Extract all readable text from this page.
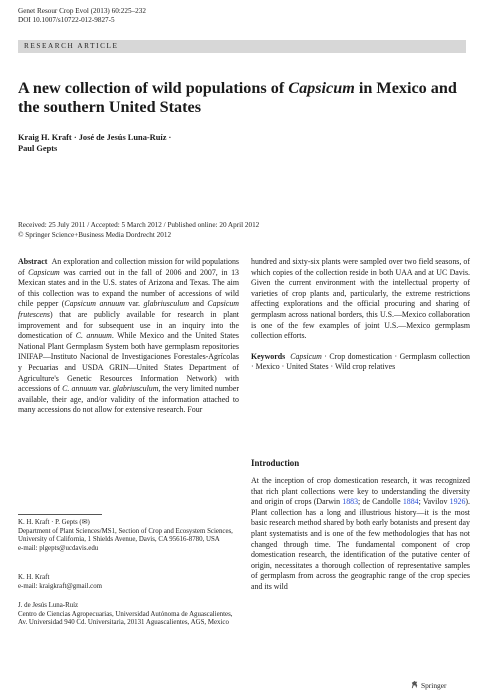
Genet Resour Crop Evol (2013) 60:225–232
DOI 10.1007/s10722-012-9827-5
RESEARCH ARTICLE
A new collection of wild populations of Capsicum in Mexico and the southern United States
Kraig H. Kraft · José de Jesús Luna-Ruíz ·
Paul Gepts
Received: 25 July 2011 / Accepted: 5 March 2012 / Published online: 20 April 2012
© Springer Science+Business Media Dordrecht 2012

Abstract An exploration and collection mission for wild populations of Capsicum was carried out in the fall of 2006 and 2007, in 13 Mexican states and in the U.S. states of Arizona and Texas. The aim of this collection was to expand the number of accessions of wild chile pepper (Capsicum annuum var. glabriusculum and Capsicum frutescens) that are publicly available for research in plant improvement and for subsequent use in an inquiry into the domestication of C. annuum. While Mexico and the United States National Plant Germplasm System both have germplasm repositories INIFAP—Instituto Nacional de Investigaciones Forestales-Agrícolas y Pecuarias and USDA GRIN—United States Department of Agriculture's Genetic Resources Information Network) with accessions of C. annuum var. glabriusculum, the very limited number available, their age, and/or validity of the information attached to many accessions do not allow for extensive research. Four

hundred and sixty-six plants were sampled over two field seasons, of which copies of the collection reside in both UAA and at UC Davis. Given the current environment with the intellectual property of varieties of crop plants and, particularly, the extreme restrictions affecting explorations and the official procuring and sharing of germplasm across national borders, this U.S.—Mexico collaboration is one of the few examples of joint U.S.—Mexico germplasm collection efforts.

Keywords Capsicum · Crop domestication · Germplasm collection · Mexico · United States · Wild crop relatives

Introduction

At the inception of crop domestication research, it was recognized that rich plant collections were key to understanding the diversity and origin of crops (Darwin 1883; de Candolle 1884; Vavilov 1926). Plant collection has a long and illustrious history—it is the most basic research method shared by both early botanists and present day plant systematists and is one of the few methodologies that has not changed through time. The fundamental component of crop domestication research, the identification of the putative center of origin, necessitates a thorough collection of representative samples of germplasm from across the geographic range of the crop species and its wild

K. H. Kraft · P. Gepts (✉)
Department of Plant Sciences/MS1, Section of Crop and Ecosystem Sciences, University of California, 1 Shields Avenue, Davis, CA 95616-8780, USA
e-mail: plgepts@ucdavis.edu
K. H. Kraft
e-mail: kraigkraft@gmail.com
J. de Jesús Luna-Ruíz
Centro de Ciencias Agropecuarias, Universidad Autónoma de Aguascalientes, Av. Universidad 940 Cd. Universitaria, 20131 Aguascalientes, AGS, Mexico
Springer
